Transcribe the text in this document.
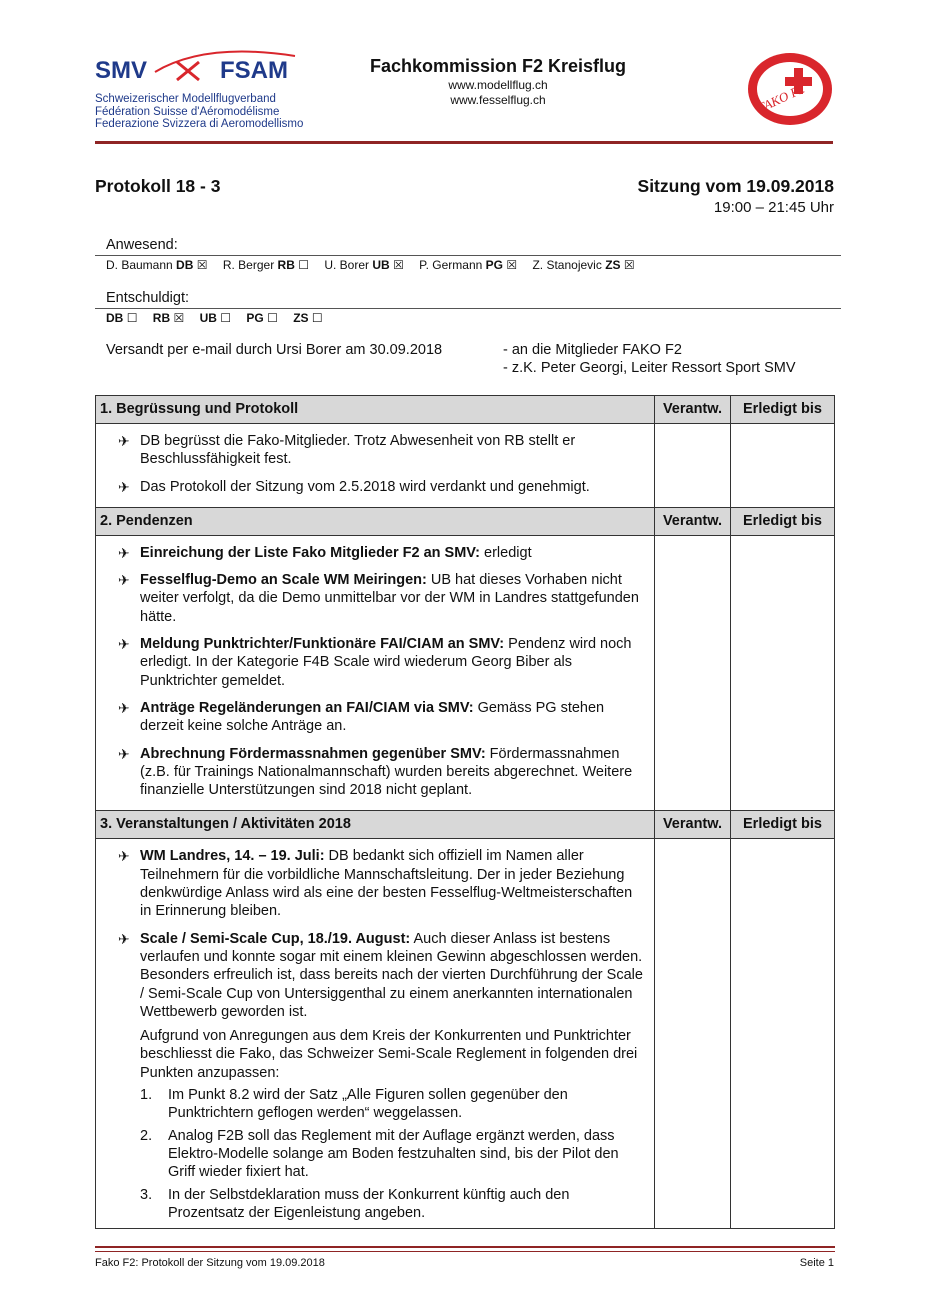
SMV	FSAM
Schweizerischer Modellflugverband
Fédération Suisse d'Aéromodélisme
Federazione Svizzera di Aeromodellismo
Fachkommission F2 Kreisflug
www.modellflug.ch
www.fesselflug.ch	FAKO F2
Protokoll 18 - 3	Sitzung vom 19.09.2018
19:00 – 21:45 Uhr
Anwesend:
D. Baumann DB ☒ R. Berger RB ☐ U. Borer UB ☒ P. Germann PG ☒ Z. Stanojevic ZS ☒
Entschuldigt:
DB ☐ RB ☒ UB ☐ PG ☐ ZS ☐
Versandt per e-mail durch Ursi Borer am 30.09.2018	- an die Mitglieder FAKO F2
- z.K. Peter Georgi, Leiter Ressort Sport SMV
1. Begrüssung und Protokoll	Verantw.	Erledigt bis
✈ DB begrüsst die Fako-Mitglieder. Trotz Abwesenheit von RB stellt er Beschlussfähigkeit fest.
✈ Das Protokoll der Sitzung vom 2.5.2018 wird verdankt und genehmigt.
2. Pendenzen	Verantw.	Erledigt bis
✈ Einreichung der Liste Fako Mitglieder F2 an SMV: erledigt
✈ Fesselflug-Demo an Scale WM Meiringen: UB hat dieses Vorhaben nicht weiter verfolgt, da die Demo unmittelbar vor der WM in Landres stattgefunden hätte.
✈ Meldung Punktrichter/Funktionäre FAI/CIAM an SMV: Pendenz wird noch erledigt. In der Kategorie F4B Scale wird wiederum Georg Biber als Punktrichter gemeldet.
✈ Anträge Regeländerungen an FAI/CIAM via SMV: Gemäss PG stehen derzeit keine solche Anträge an.
✈ Abrechnung Fördermassnahmen gegenüber SMV: Fördermassnahmen (z.B. für Trainings Nationalmannschaft) wurden bereits abgerechnet. Weitere finanzielle Unterstützungen sind 2018 nicht geplant.
3. Veranstaltungen / Aktivitäten 2018	Verantw.	Erledigt bis
✈ WM Landres, 14. – 19. Juli: DB bedankt sich offiziell im Namen aller Teilnehmern für die vorbildliche Mannschaftsleitung. Der in jeder Beziehung denkwürdige Anlass wird als eine der besten Fesselflug-Weltmeisterschaften in Erinnerung bleiben.
✈ Scale / Semi-Scale Cup, 18./19. August: Auch dieser Anlass ist bestens verlaufen und konnte sogar mit einem kleinen Gewinn abgeschlossen werden. Besonders erfreulich ist, dass bereits nach der vierten Durchführung der Scale / Semi-Scale Cup von Untersiggenthal zu einem anerkannten internationalen Wettbewerb geworden ist.
Aufgrund von Anregungen aus dem Kreis der Konkurrenten und Punktrichter beschliesst die Fako, das Schweizer Semi-Scale Reglement in folgenden drei Punkten anzupassen:
1.	Im Punkt 8.2 wird der Satz „Alle Figuren sollen gegenüber den Punktrichtern geflogen werden“ weggelassen.
2.	Analog F2B soll das Reglement mit der Auflage ergänzt werden, dass Elektro-Modelle solange am Boden festzuhalten sind, bis der Pilot den Griff wieder fixiert hat.
3.	In der Selbstdeklaration muss der Konkurrent künftig auch den Prozentsatz der Eigenleistung angeben.
Fako F2: Protokoll der Sitzung vom 19.09.2018	Seite 1
